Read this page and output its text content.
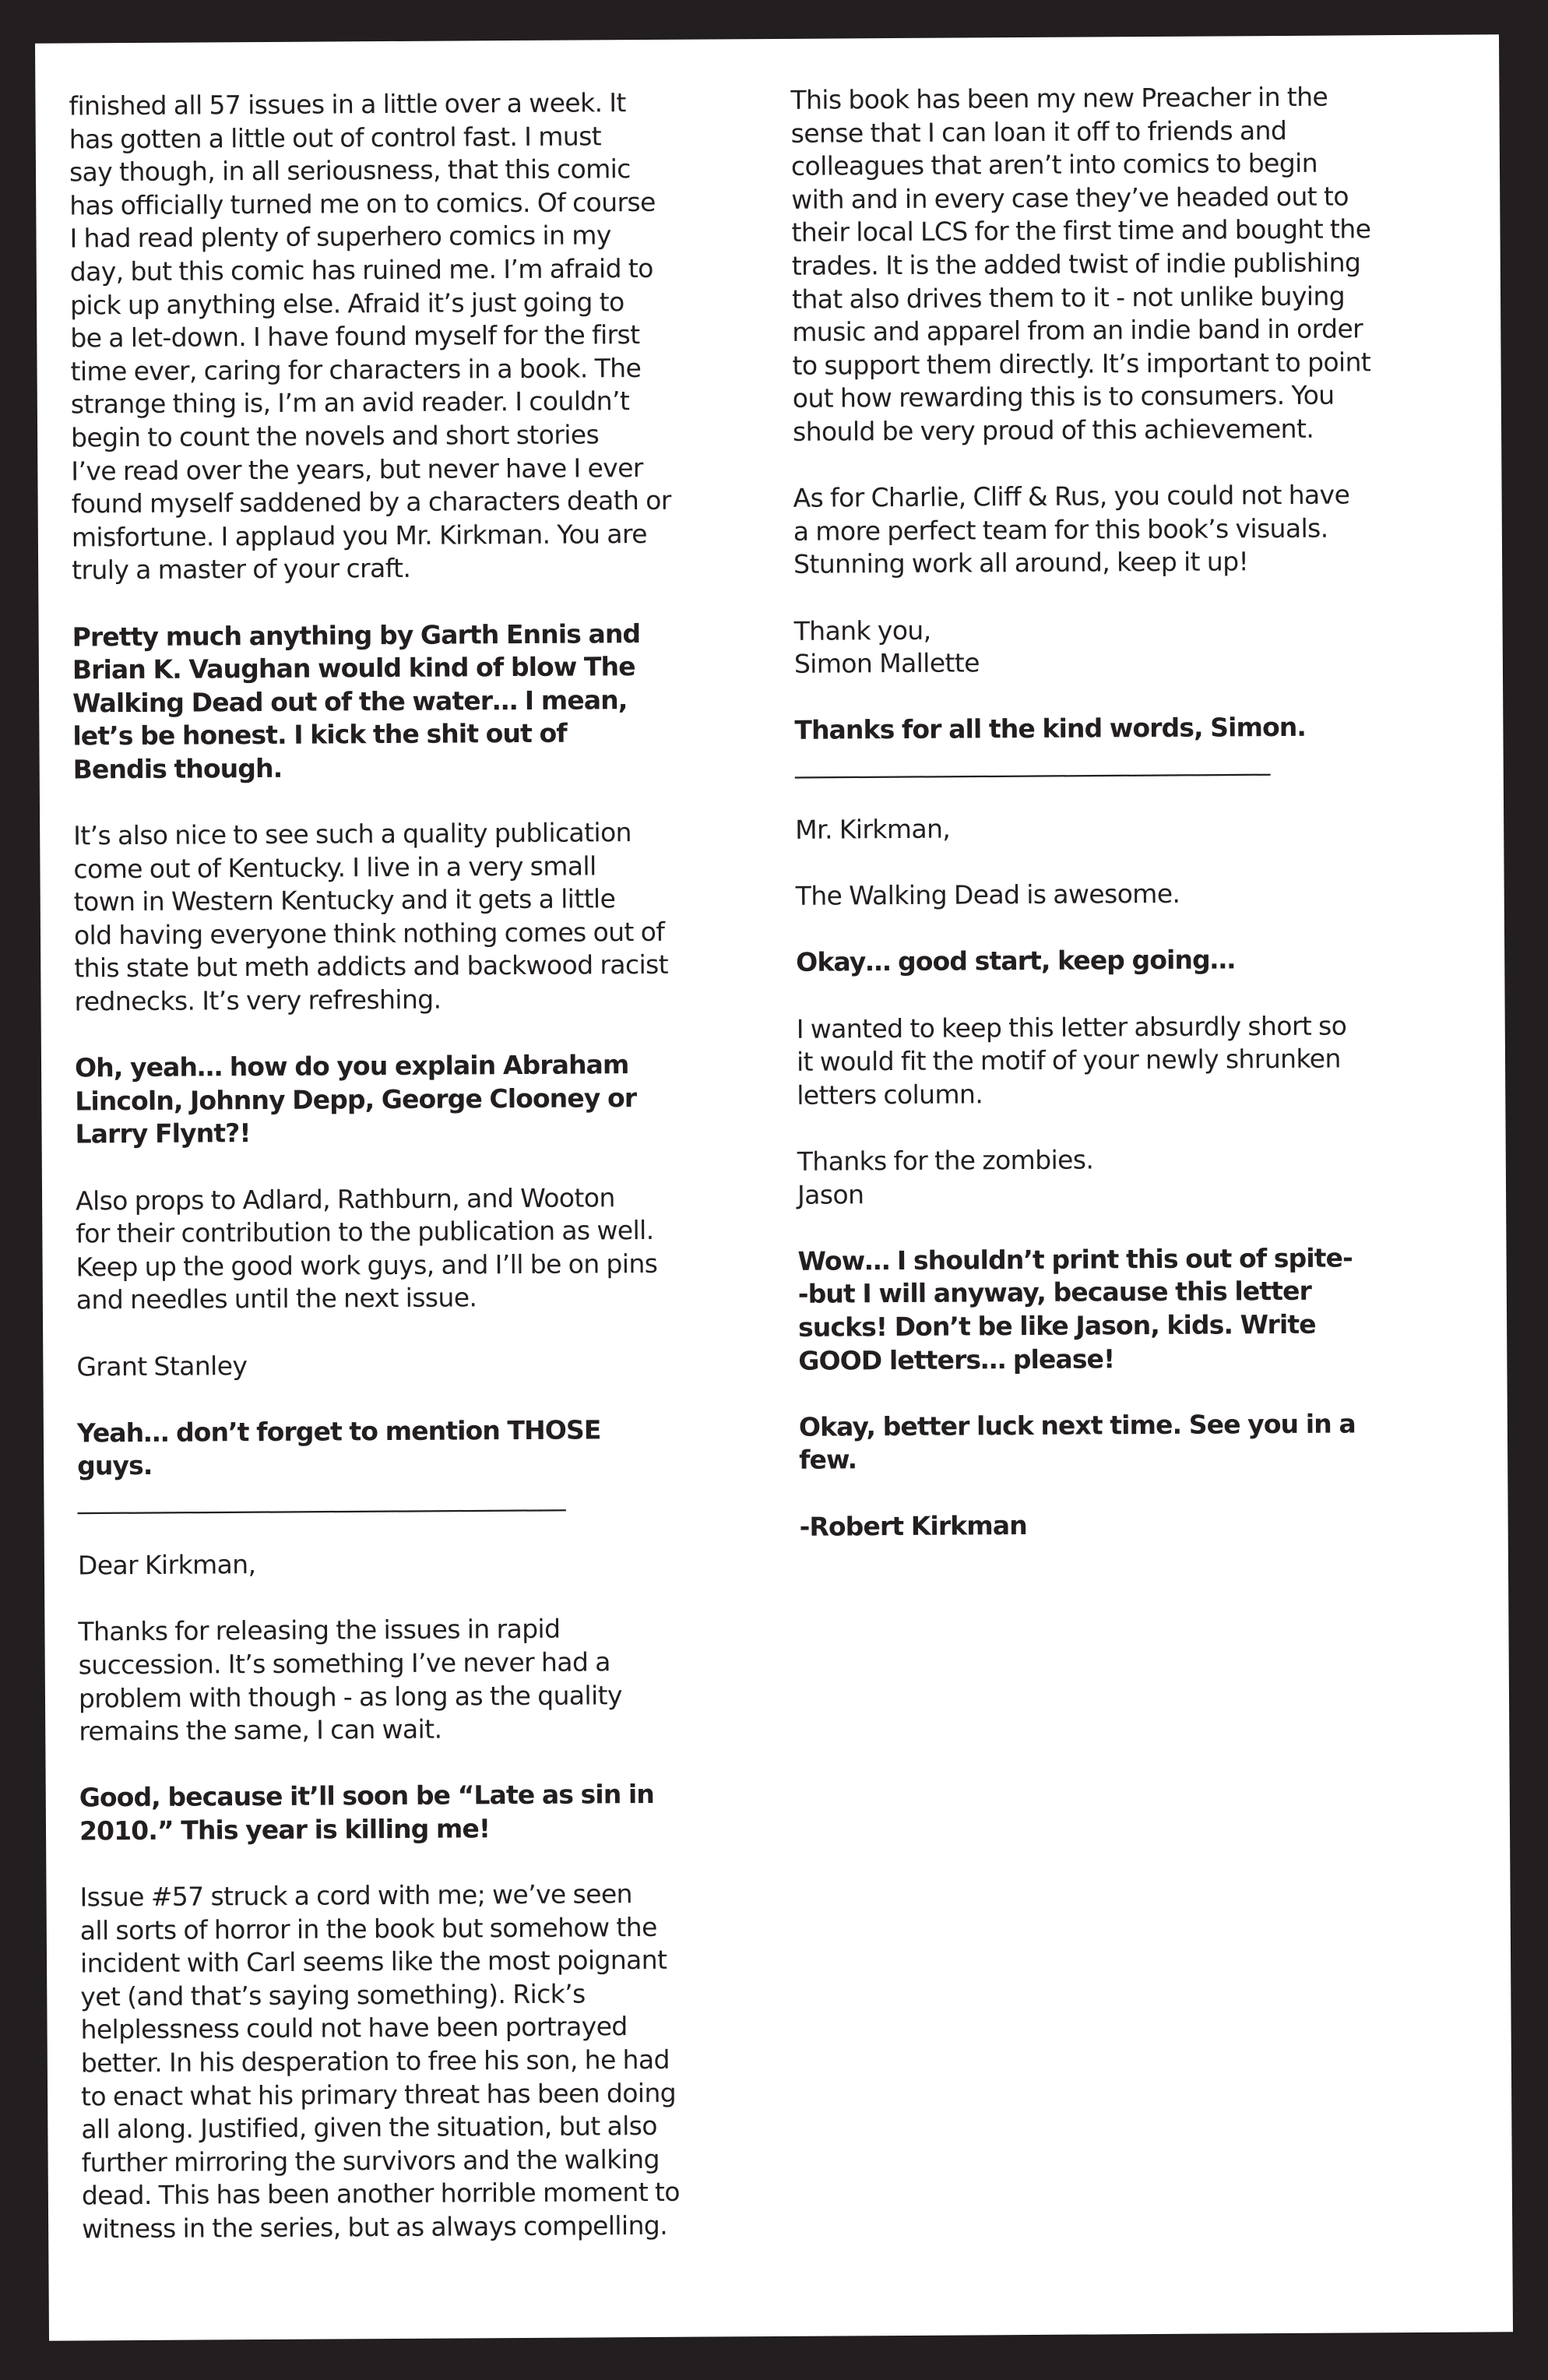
finished all 57 issues in a little over a week. It
has gotten a little out of control fast. I must
say though, in all seriousness, that this comic
has officially turned me on to comics. Of course
I had read plenty of superhero comics in my
day, but this comic has ruined me. I’m afraid to
pick up anything else. Afraid it’s just going to
be a let-down. I have found myself for the first
time ever, caring for characters in a book. The
strange thing is, I’m an avid reader. I couldn’t
begin to count the novels and short stories
I’ve read over the years, but never have I ever
found myself saddened by a characters death or
misfortune. I applaud you Mr. Kirkman. You are
truly a master of your craft.
Pretty much anything by Garth Ennis and
Brian K. Vaughan would kind of blow The
Walking Dead out of the water… I mean,
let’s be honest. I kick the shit out of
Bendis though.
It’s also nice to see such a quality publication
come out of Kentucky. I live in a very small
town in Western Kentucky and it gets a little
old having everyone think nothing comes out of
this state but meth addicts and backwood racist
rednecks. It’s very refreshing.
Oh, yeah… how do you explain Abraham
Lincoln, Johnny Depp, George Clooney or
Larry Flynt?!
Also props to Adlard, Rathburn, and Wooton
for their contribution to the publication as well.
Keep up the good work guys, and I’ll be on pins
and needles until the next issue.
Grant Stanley
Yeah… don’t forget to mention THOSE
guys.
______________________________________
Dear Kirkman,
Thanks for releasing the issues in rapid
succession. It’s something I’ve never had a
problem with though - as long as the quality
remains the same, I can wait.
Good, because it’ll soon be “Late as sin in
2010.” This year is killing me!
Issue #57 struck a cord with me; we’ve seen
all sorts of horror in the book but somehow the
incident with Carl seems like the most poignant
yet (and that’s saying something). Rick’s
helplessness could not have been portrayed
better. In his desperation to free his son, he had
to enact what his primary threat has been doing
all along. Justified, given the situation, but also
further mirroring the survivors and the walking
dead. This has been another horrible moment to
witness in the series, but as always compelling.
This book has been my new Preacher in the
sense that I can loan it off to friends and
colleagues that aren’t into comics to begin
with and in every case they’ve headed out to
their local LCS for the first time and bought the
trades. It is the added twist of indie publishing
that also drives them to it - not unlike buying
music and apparel from an indie band in order
to support them directly. It’s important to point
out how rewarding this is to consumers. You
should be very proud of this achievement.
As for Charlie, Cliff & Rus, you could not have
a more perfect team for this book’s visuals.
Stunning work all around, keep it up!
Thank you,
Simon Mallette
Thanks for all the kind words, Simon.
_____________________________________
Mr. Kirkman,
The Walking Dead is awesome.
Okay… good start, keep going…
I wanted to keep this letter absurdly short so
it would fit the motif of your newly shrunken
letters column.
Thanks for the zombies.
Jason
Wow… I shouldn’t print this out of spite-
-but I will anyway, because this letter
sucks! Don’t be like Jason, kids. Write
GOOD letters… please!
Okay, better luck next time. See you in a
few.
-Robert Kirkman
